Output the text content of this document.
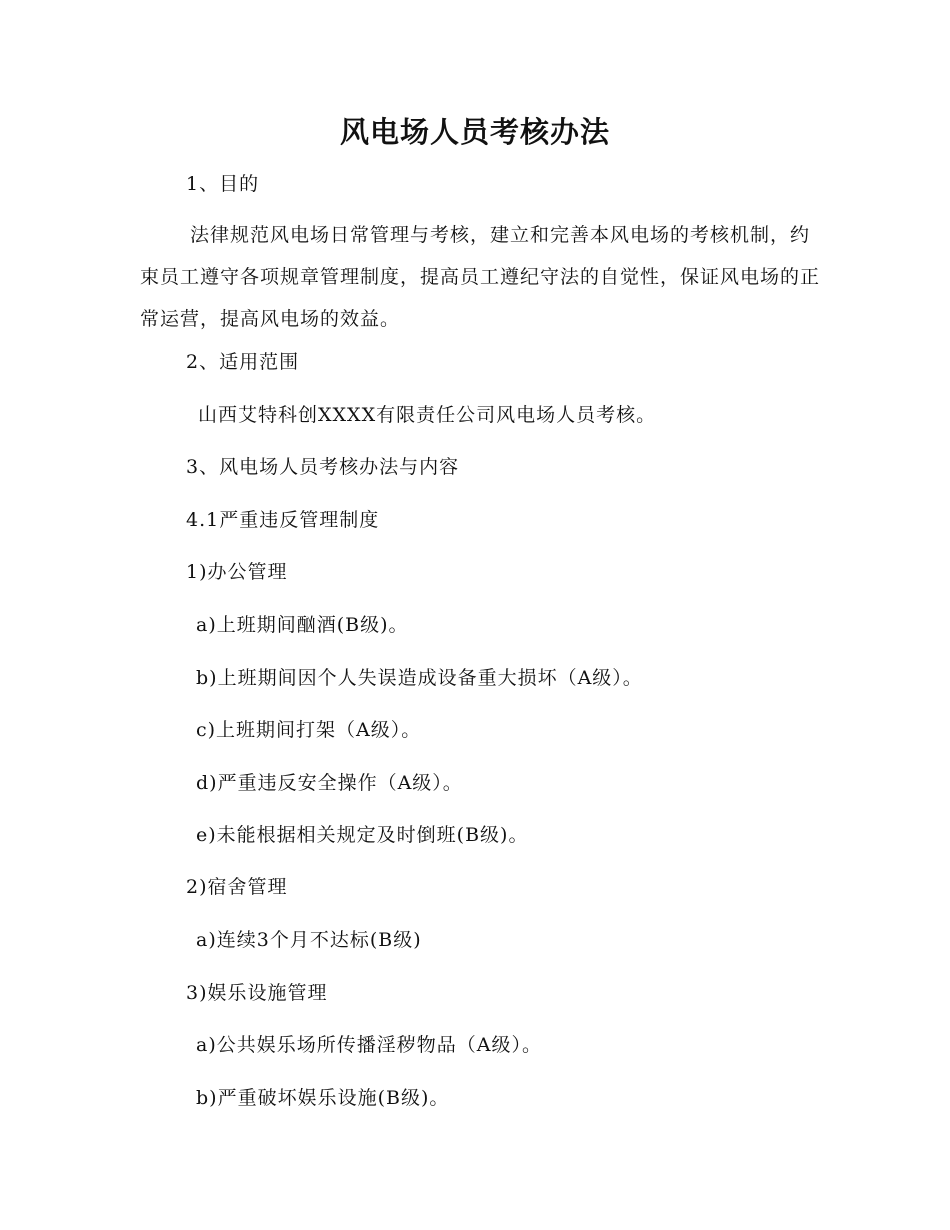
风电场人员考核办法
1、目的
法律规范风电场日常管理与考核，建立和完善本风电场的考核机制，约束员工遵守各项规章管理制度，提高员工遵纪守法的自觉性，保证风电场的正常运营，提高风电场的效益。
2、适用范围
山西艾特科创XXXX有限责任公司风电场人员考核。
3、风电场人员考核办法与内容
4.1严重违反管理制度
1)办公管理
a)上班期间酗酒(B级)。
b)上班期间因个人失误造成设备重大损坏（A级）。
c)上班期间打架（A级）。
d)严重违反安全操作（A级）。
e)未能根据相关规定及时倒班(B级)。
2)宿舍管理
a)连续3个月不达标(B级)
3)娱乐设施管理
a)公共娱乐场所传播淫秽物品（A级）。
b)严重破坏娱乐设施(B级)。
